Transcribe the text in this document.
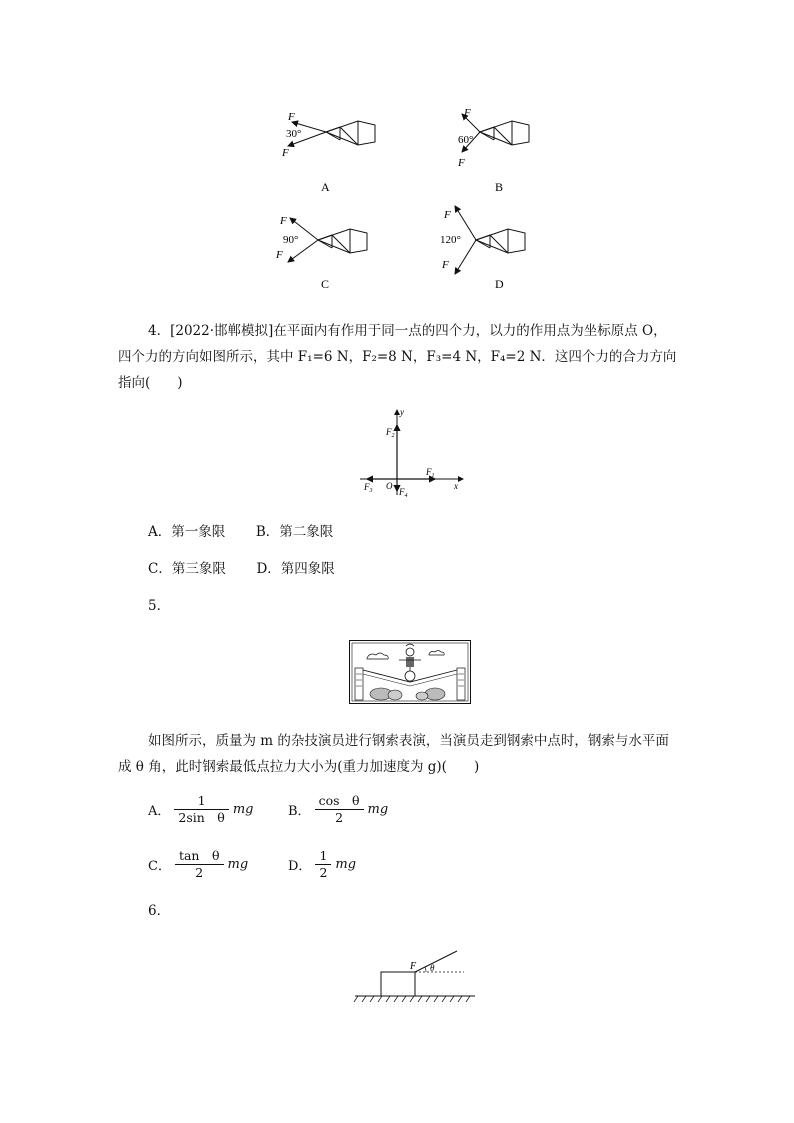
F
F
30°
A
F
F
60°
B
F
F
90°
C
F
F
120°
D
4．[2022·邯郸模拟]在平面内有作用于同一点的四个力，以力的作用点为坐标原点 O，
四个力的方向如图所示，其中 F₁=6 N，F₂=8 N，F₃=4 N，F₄=2 N．这四个力的合力方向
指向(　　)
y
x
O
$F_2$
$F_1$
$F_3$	$F_4$
A．第一象限 B．第二象限
C．第三象限 D．第四象限
5．
如图所示，质量为 m 的杂技演员进行钢索表演，当演员走到钢索中点时，钢索与水平面
成 θ 角，此时钢索最低点拉力大小为(重力加速度为 g)(　　)
A． $\frac{1}{\text{2sin　θ}}$ mg	B． $\frac{\text{cos　θ}}{2}$ mg
C． $\frac{\text{tan　θ}}{2}$ mg	D． $\frac{1}{2}$ mg
6．
F θ
